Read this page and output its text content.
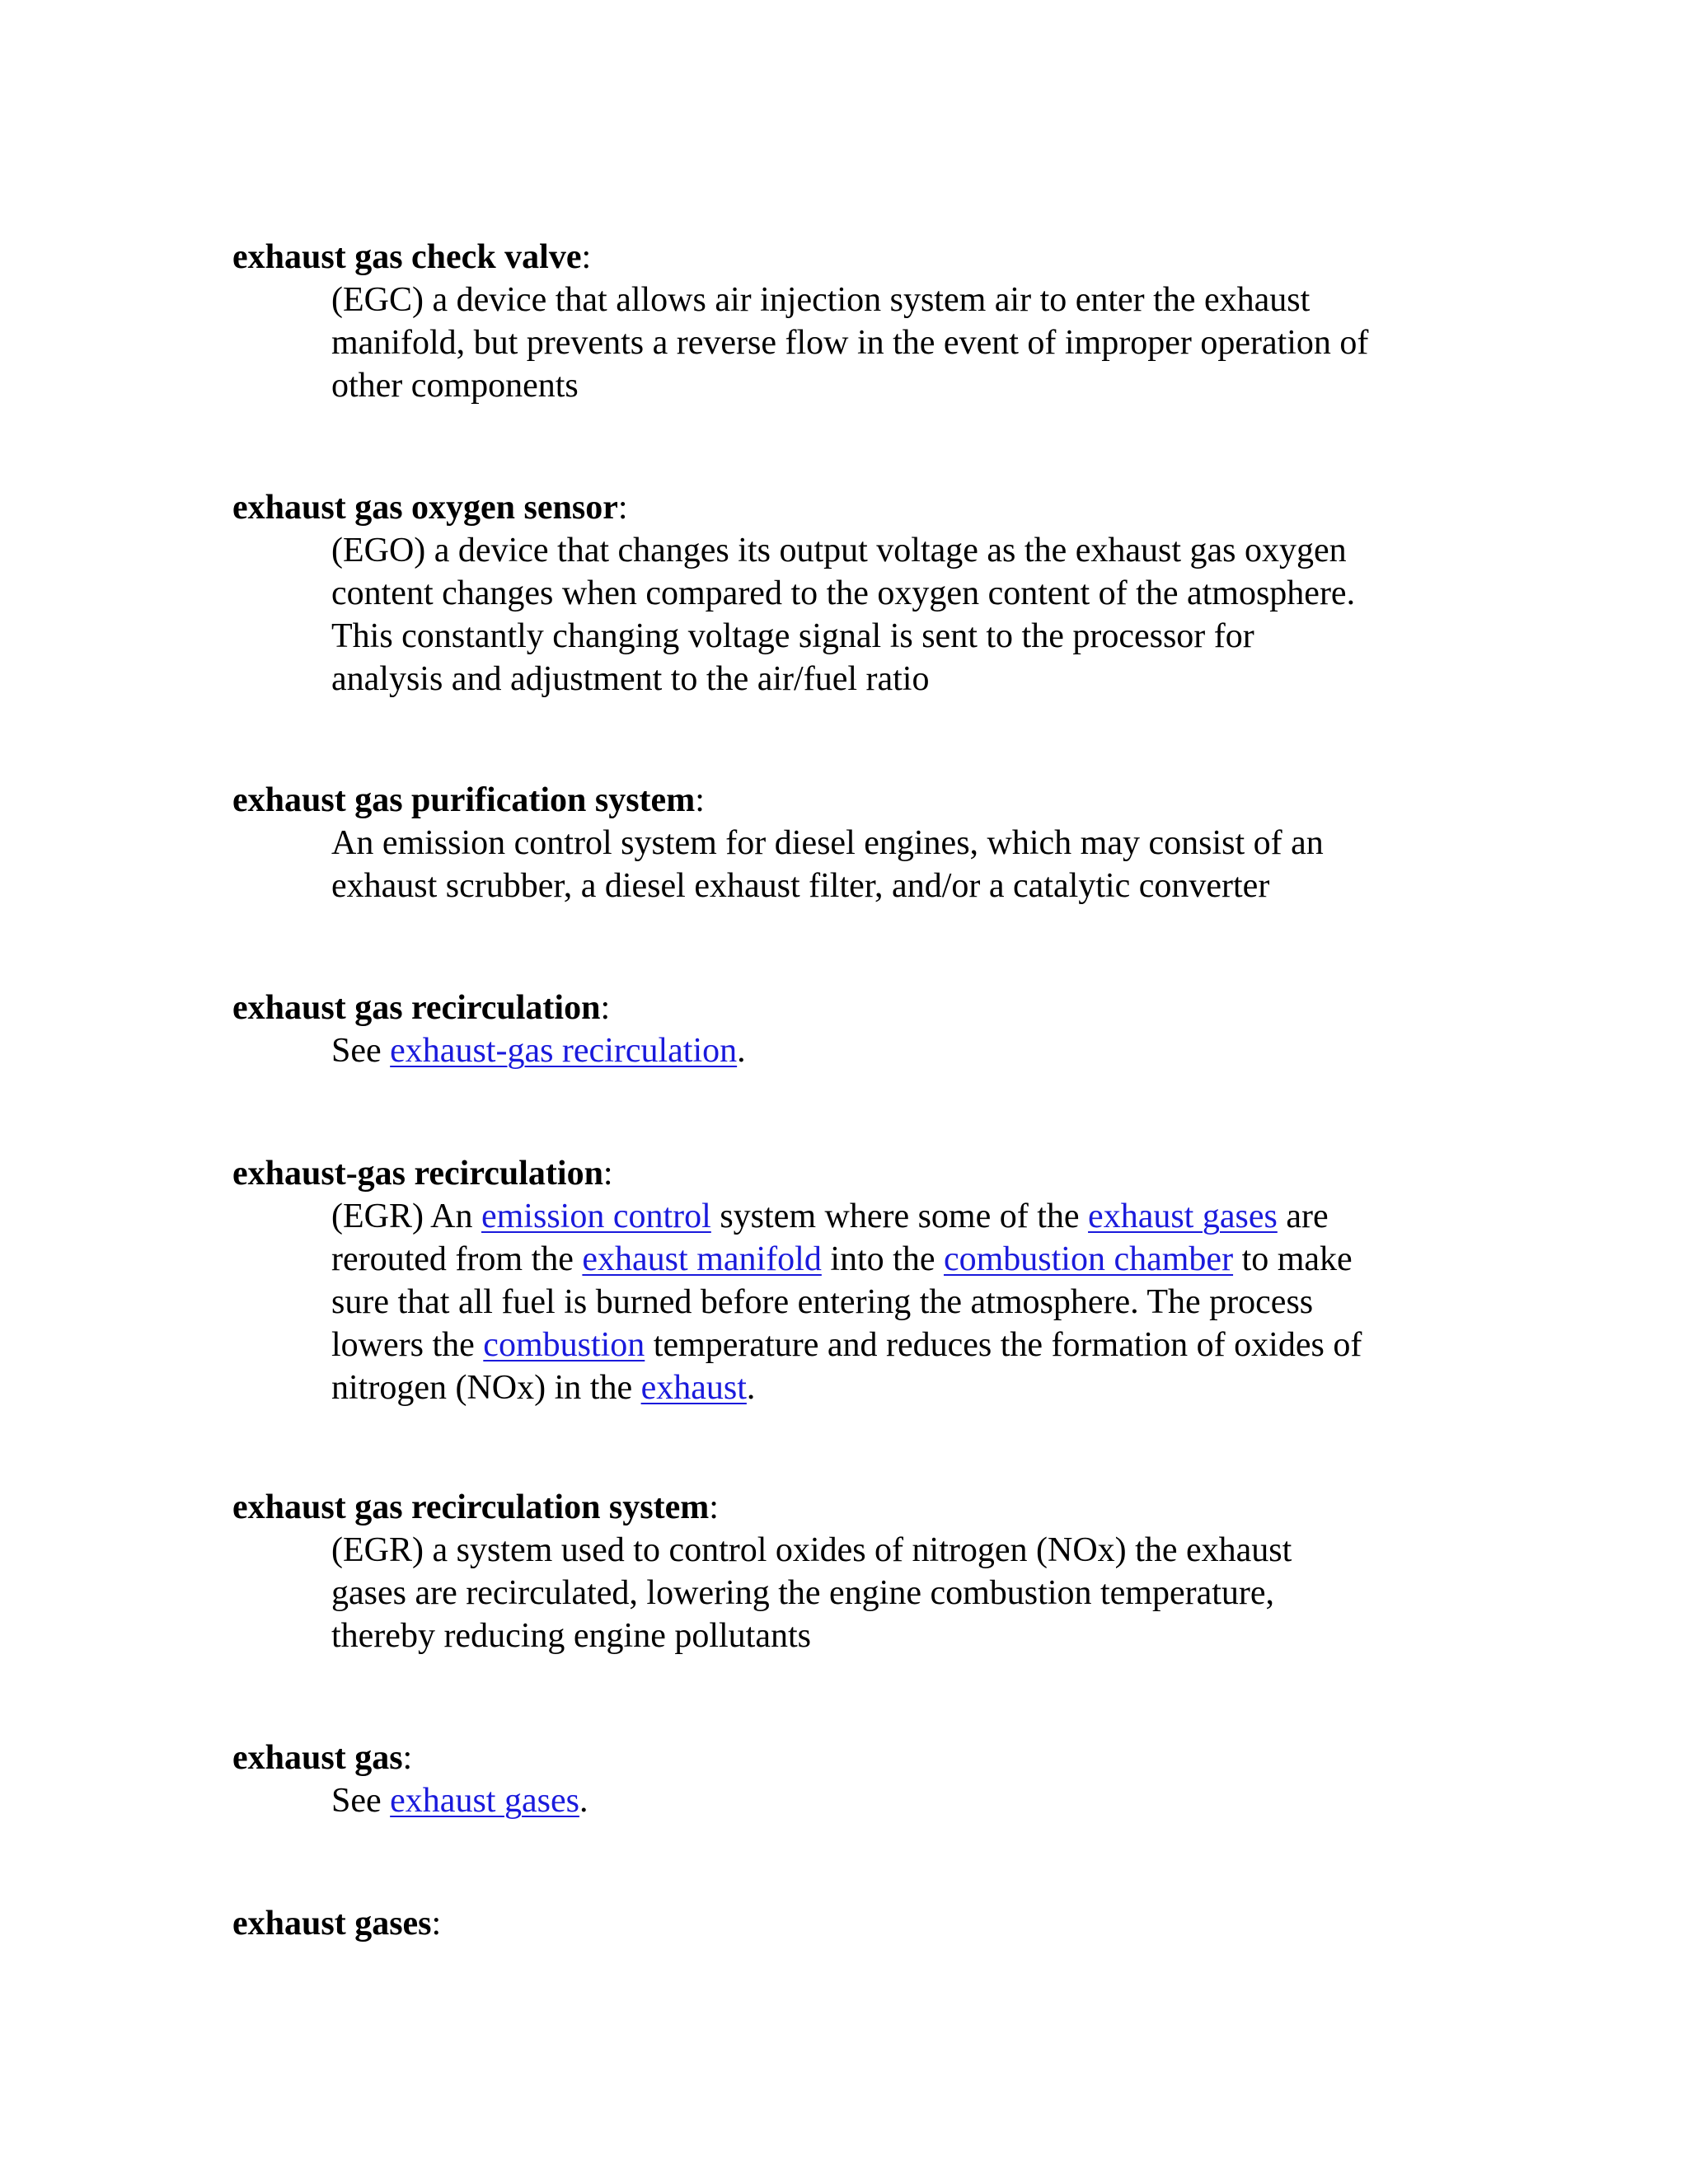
exhaust gas check valve:
(EGC) a device that allows air injection system air to enter the exhaust
manifold, but prevents a reverse flow in the event of improper operation of
other components
exhaust gas oxygen sensor:
(EGO) a device that changes its output voltage as the exhaust gas oxygen
content changes when compared to the oxygen content of the atmosphere.
This constantly changing voltage signal is sent to the processor for
analysis and adjustment to the air/fuel ratio
exhaust gas purification system:
An emission control system for diesel engines, which may consist of an
exhaust scrubber, a diesel exhaust filter, and/or a catalytic converter
exhaust gas recirculation:
See exhaust-gas recirculation.
exhaust-gas recirculation:
(EGR) An emission control system where some of the exhaust gases are
rerouted from the exhaust manifold into the combustion chamber to make
sure that all fuel is burned before entering the atmosphere. The process
lowers the combustion temperature and reduces the formation of oxides of
nitrogen (NOx) in the exhaust.
exhaust gas recirculation system:
(EGR) a system used to control oxides of nitrogen (NOx) the exhaust
gases are recirculated, lowering the engine combustion temperature,
thereby reducing engine pollutants
exhaust gas:
See exhaust gases.
exhaust gases:
